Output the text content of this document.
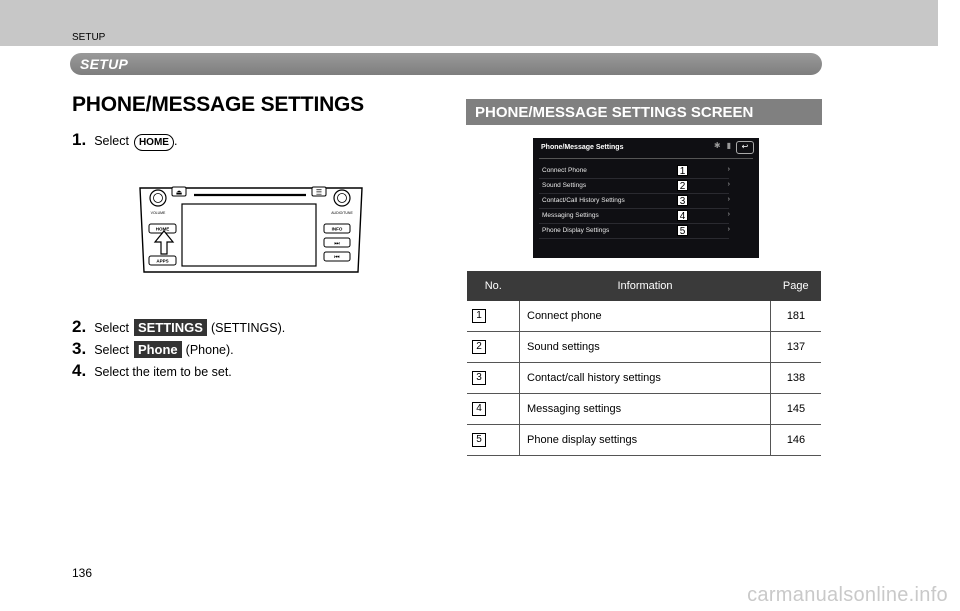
SETUP
SETUP
PHONE/MESSAGE SETTINGS
1. Select	HOME .
⏏	☰
VOLUME	AUDIO/TUNE
HOME
APPS
INFO
⏭
⏮
2. Select SETTINGS (SETTINGS).
3. Select Phone (Phone).
4. Select the item to be set.
PHONE/MESSAGE SETTINGS SCREEN
Phone/Message Settings	✱ ▮	↩
Connect Phone	1	›
Sound Settings	2	›
Contact/Call History Settings	3	›
Messaging Settings	4	›
Phone Display Settings	5	›
No.	Information	Page
1	Connect phone	181
2	Sound settings	137
3	Contact/call history settings	138
4	Messaging settings	145
5	Phone display settings	146
136
carmanualsonline.info
